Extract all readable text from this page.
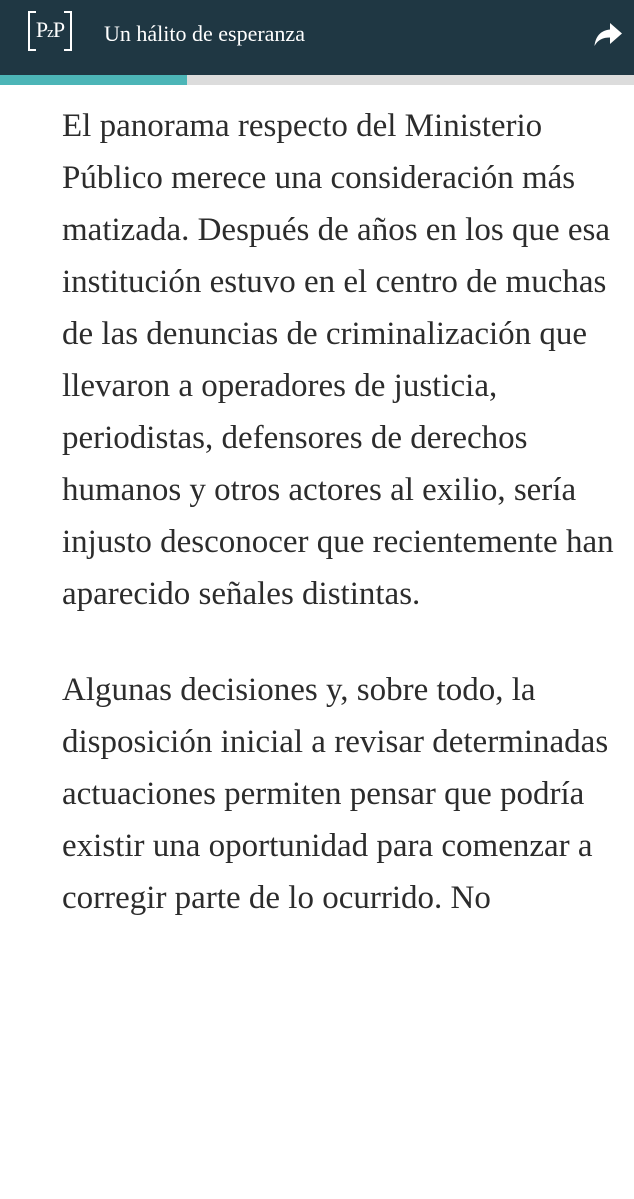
PzP Un hálito de esperanza

El panorama respecto del Ministerio Público merece una consideración más matizada. Después de años en los que esa institución estuvo en el centro de muchas de las denuncias de criminalización que llevaron a operadores de justicia, periodistas, defensores de derechos humanos y otros actores al exilio, sería injusto desconocer que recientemente han aparecido señales distintas.

Algunas decisiones y, sobre todo, la disposición inicial a revisar determinadas actuaciones permiten pensar que podría existir una oportunidad para comenzar a corregir parte de lo ocurrido. No
